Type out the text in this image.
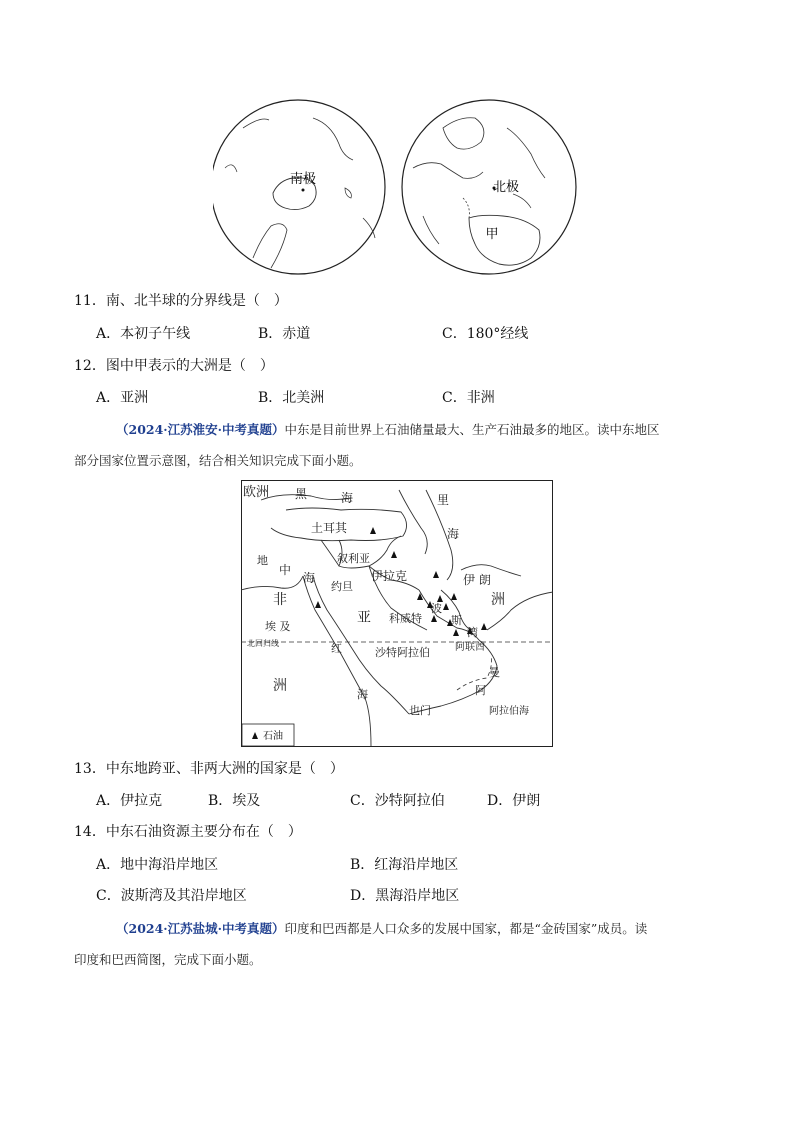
南极
北极
甲
11．南、北半球的分界线是（　）
A．本初子午线	B．赤道	C．180°经线
12．图中甲表示的大洲是（　）
A．亚洲	B．北美洲	C．非洲
（2024·江苏淮安·中考真题）中东是目前世界上石油储量最大、生产石油最多的地区。读中东地区
部分国家位置示意图，结合相关知识完成下面小题。
欧洲 黑	海	里
海
土耳其
叙利亚
伊拉克	伊 朗
地
中
海
非
洲
埃 及
约旦
亚
洲
科威特
波
斯
湾
北回归线	红
海
沙特阿拉伯	阿联酋
曼
阿
也门	阿拉伯海
石油
13．中东地跨亚、非两大洲的国家是（　）
A．伊拉克	B．埃及	C．沙特阿拉伯	D．伊朗
14．中东石油资源主要分布在（　）
A．地中海沿岸地区	B．红海沿岸地区
C．波斯湾及其沿岸地区	D．黑海沿岸地区
（2024·江苏盐城·中考真题）印度和巴西都是人口众多的发展中国家，都是“金砖国家”成员。读
印度和巴西简图，完成下面小题。
